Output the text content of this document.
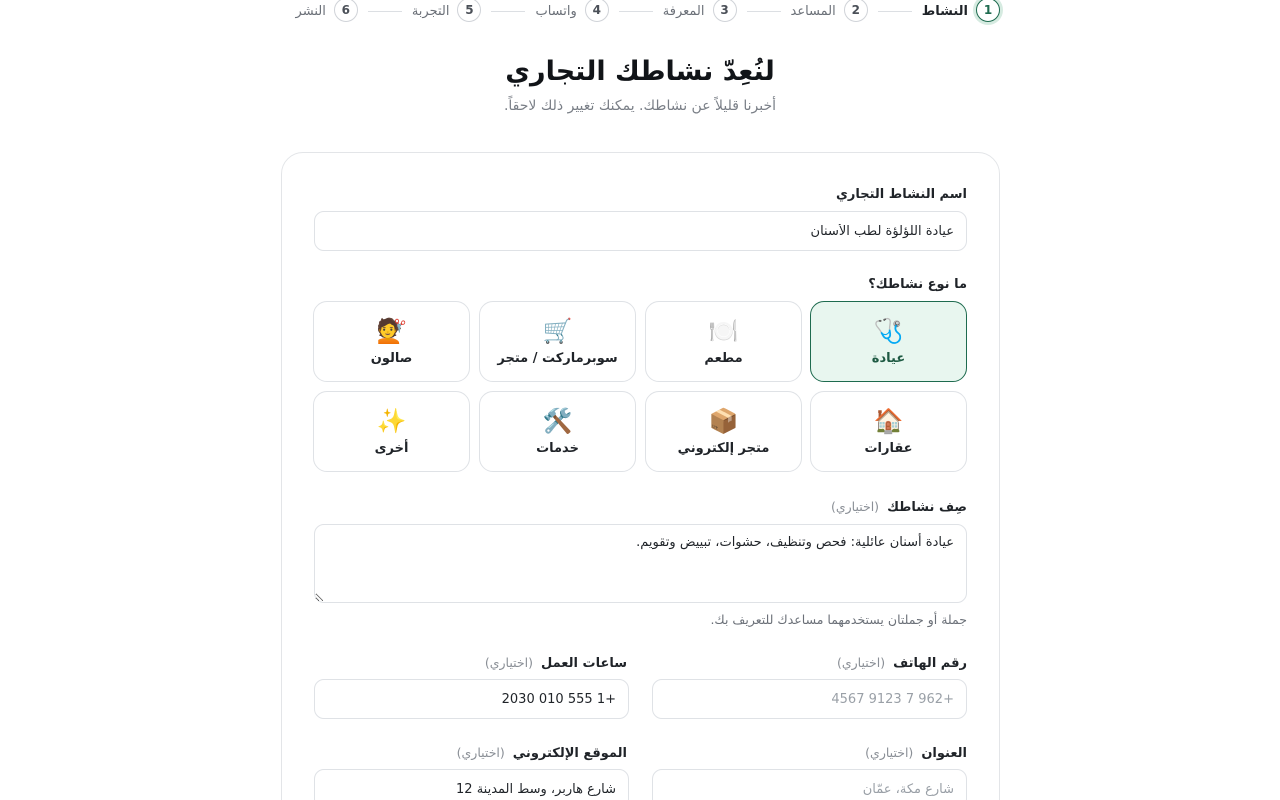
1
النشاط
2
المساعد
3
المعرفة
4
واتساب
5
التجربة
6
النشر
لنُعِدّ نشاطك التجاري

أخبرنا قليلاً عن نشاطك. يمكنك تغيير ذلك لاحقاً.

اسم النشاط التجاري
عيادة اللؤلؤة لطب الأسنان
ما نوع نشاطك؟
🩺
عيادة
🍽️
مطعم
🛒
سوبرماركت / متجر
💇
صالون
🏠
عقارات
📦
متجر إلكتروني
🛠️
خدمات
✨
أخرى
صِف نشاطك
(اختياري)
عيادة أسنان عائلية: فحص وتنظيف، حشوات، تبييض وتقويم.
جملة أو جملتان يستخدمهما مساعدك للتعريف بك.
رقم الهاتف
(اختياري)
+962 7 9123 4567
ساعات العمل
(اختياري)
+1 555 010 2030
العنوان
(اختياري)
شارع مكة، عمّان
الموقع الإلكتروني
(اختياري)
شارع هاربر، وسط المدينة 12
